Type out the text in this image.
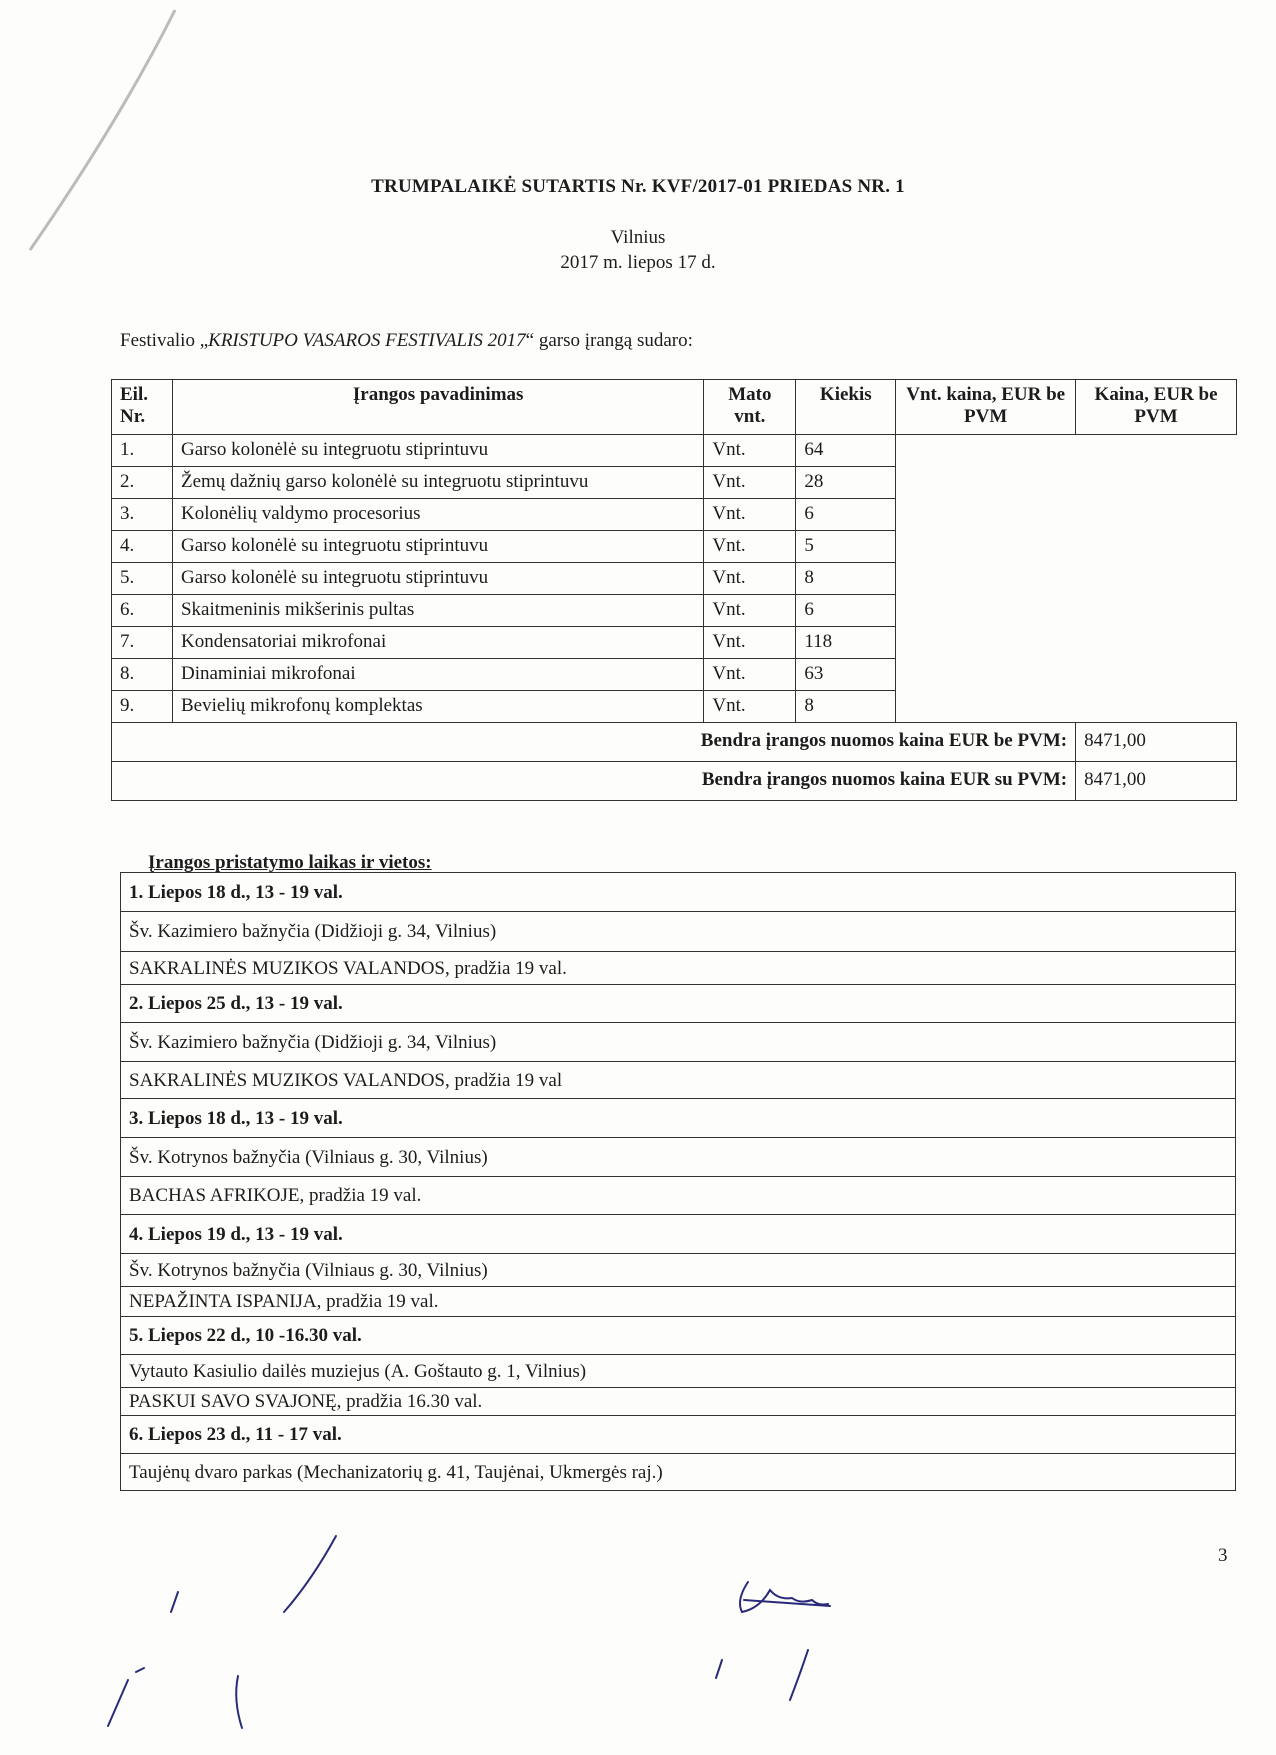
TRUMPALAIKĖ SUTARTIS Nr. KVF/2017-01 PRIEDAS NR. 1
Vilnius
2017 m. liepos 17 d.
Festivalio „KRISTUPO VASAROS FESTIVALIS 2017“ garso įrangą sudaro:
Eil. Nr.	Įrangos pavadinimas	Mato vnt.	Kiekis	Vnt. kaina, EUR be PVM	Kaina, EUR be PVM
1.	Garso kolonėlė su integruotu stiprintuvu	Vnt.	64		
2.	Žemų dažnių garso kolonėlė su integruotu stiprintuvu	Vnt.	28		
3.	Kolonėlių valdymo procesorius	Vnt.	6		
4.	Garso kolonėlė su integruotu stiprintuvu	Vnt.	5		
5.	Garso kolonėlė su integruotu stiprintuvu	Vnt.	8		
6.	Skaitmeninis mikšerinis pultas	Vnt.	6		
7.	Kondensatoriai mikrofonai	Vnt.	118		
8.	Dinaminiai mikrofonai	Vnt.	63		
9.	Bevielių mikrofonų komplektas	Vnt.	8		
Bendra įrangos nuomos kaina EUR be PVM:					8471,00
Bendra įrangos nuomos kaina EUR su PVM:					8471,00
Įrangos pristatymo laikas ir vietos:
1. Liepos 18 d., 13 - 19 val.
Šv. Kazimiero bažnyčia (Didžioji g. 34, Vilnius)
SAKRALINĖS MUZIKOS VALANDOS, pradžia 19 val.
2. Liepos 25 d., 13 - 19 val.
Šv. Kazimiero bažnyčia (Didžioji g. 34, Vilnius)
SAKRALINĖS MUZIKOS VALANDOS, pradžia 19 val
3. Liepos 18 d., 13 - 19 val.
Šv. Kotrynos bažnyčia (Vilniaus g. 30, Vilnius)
BACHAS AFRIKOJE, pradžia 19 val.
4. Liepos 19 d., 13 - 19 val.
Šv. Kotrynos bažnyčia (Vilniaus g. 30, Vilnius)
NEPAŽINTA ISPANIJA, pradžia 19 val.
5. Liepos 22 d., 10 -16.30 val.
Vytauto Kasiulio dailės muziejus (A. Goštauto g. 1, Vilnius)
PASKUI SAVO SVAJONĘ, pradžia 16.30 val.
6. Liepos 23 d., 11 - 17 val.
Taujėnų dvaro parkas (Mechanizatorių g. 41, Taujėnai, Ukmergės raj.)
3
